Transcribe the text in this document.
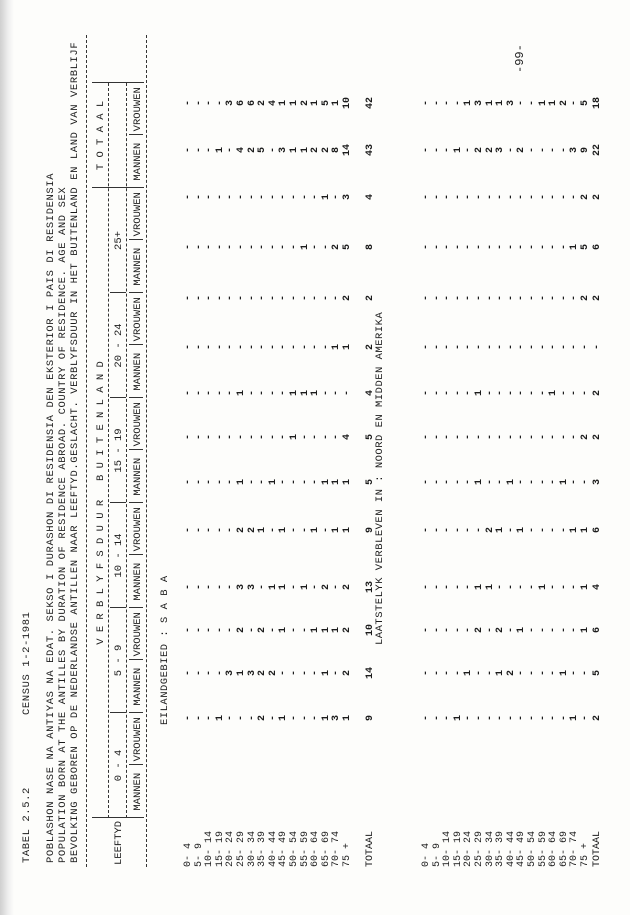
TABEL 2.5.2
CENSUS 1-2-1981
-99-
POBLASHON NASE NA ANTIYAS NA EDAT. SEKSO I DURASHON DI RESIDENSIA DEN EKSTERIOR I PAIS DI RESIDENSIA POPULATION BORN AT THE ANTILLES BY DURATION OF RESIDENCE ABROAD. COUNTRY OF RESIDENCE. AGE AND SEX BEVOLKING GEBOREN OP DE NEDERLANDSE ANTILLEN NAAR LEEFTYD.GESLACHT. VERBLYFSDUUR IN HET BUITENLAND EN LAND VAN VERBLIJF V E R B L Y F S D U U R   B U I T E N L A N D
T O T A A L
LEEFTYD
0 - 4
5 - 9
10 - 14
15 - 19
20 - 24
25+
MANNEN
VROUWEN
MANNEN
VROUWEN
MANNEN
VROUWEN
MANNEN
VROUWEN
MANNEN
VROUWEN
MANNEN
VROUWEN
MANNEN
VROUWEN
EILANDGEBIED : S A B A
0- 4 5- 9 10- 14 15- 19 20- 24 25- 29 30- 34 35- 39 40- 44 45- 49 50- 54 55- 59 60- 64 65- 69 70- 74 75 + TOTAAL
- - - 1 - - - 2 - 1 - - - 1 3 1 9
- - - - 3 1 3 2 2 - - - - 1 - 2 14
- - - - - 2 - 2 - 1 - - 1 1 1 2 10
- - - - - 3 3 - 1 1 - 1 - 2 - 2 13
- - - - - 2 2 1 - 1 - - 1 - 1 1 9
- - - - - 1 - - 1 - - - - 1 1 1 5
- - - - - - - - - - 1 - - - - 4 5
- - - - - 1 - - - - 1 1 1 - - - 4
- - - - - - - - - - - - - - 1 1 2
- - - - - - - - - - - - - - - 2 2
- - - - - - - - - - - 1 - - 2 5 8
- - - - - - - - - - - - - 1 - 3 4
- - - 1 - 4 2 5 - 3 1 1 2 2 8 14 43
- - - - 3 6 6 2 4 1 1 2 1 5 1 10 42
LAATSTELYK VERBLEVEN IN : NOORD EN MIDDEN AMERIKA
0- 4 5- 9 10- 14 15- 19 20- 24 25- 29 30- 34 35- 39 40- 44 45- 49 50- 54 55- 59 60- 64 65- 69 70- 74 75 + TOTAAL
- - - 1 - - - - - - - - - - 1 - 2
- - - - 1 - - 1 2 - - - - 1 - - 5
- - - - - 2 - 2 - 1 - - - - - 1 6
- - - - - 1 1 - - - - 1 - - - 1 4
- - - - - - 2 1 - 1 - - - - 1 1 6
- - - - - 1 - - 1 - - - - 1 - - 3
- - - - - - - - - - - - - - - 2 2
- - - - - 1 - - - - - - 1 - - - 2
- - - - - - - - - - - - - - - - -
- - - - - - - - - - - - - - - 2 2
- - - - - - - - - - - - - - 1 5 6
- - - - - - - - - - - - - - - 2 2
- - - 1 - 2 2 3 - 2 - - - - 3 9 22
- - - - 1 3 1 1 3 - - 1 1 2 - 5 18
